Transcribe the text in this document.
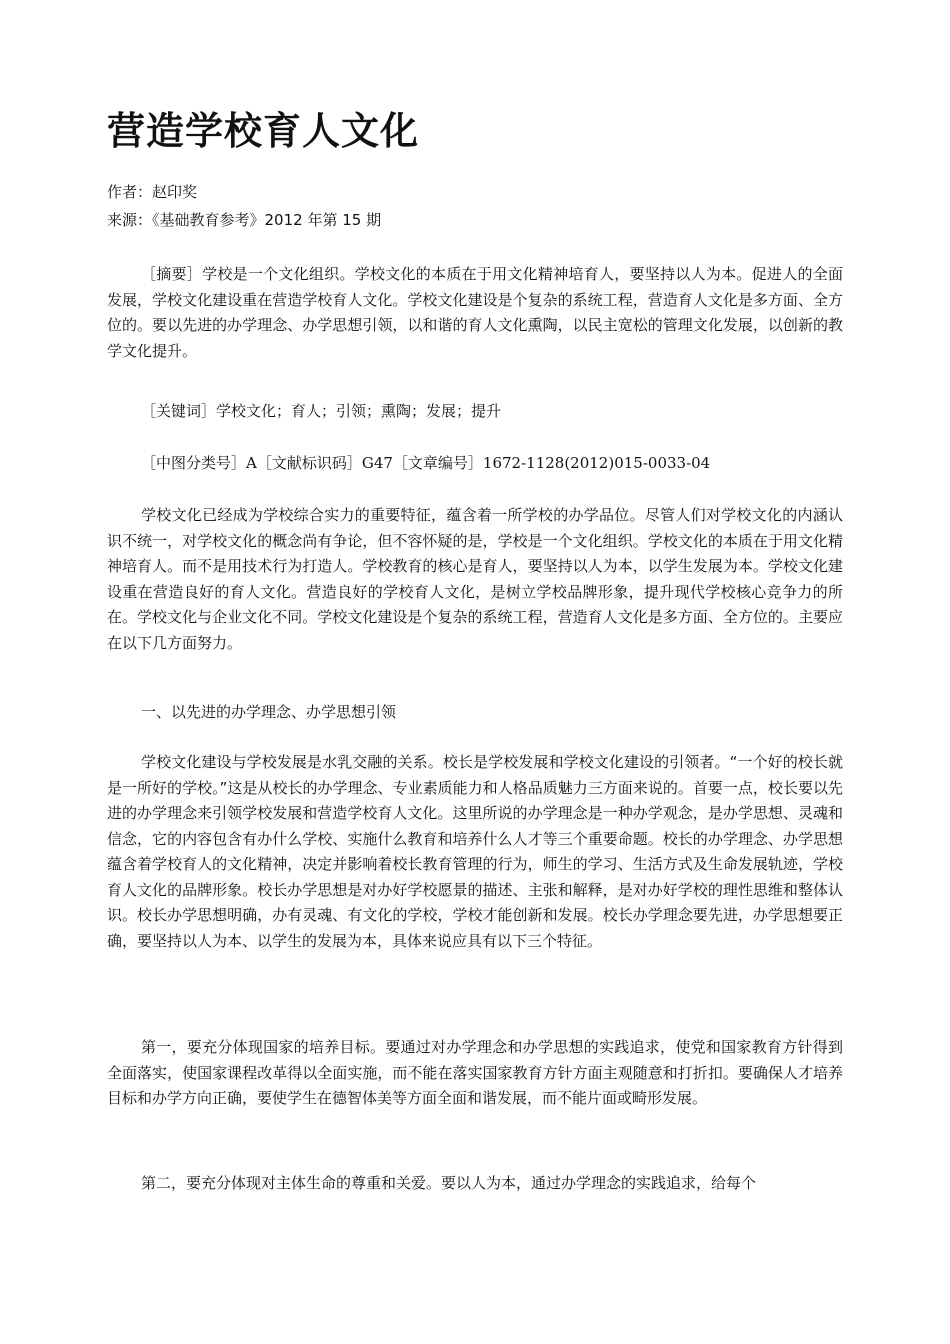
营造学校育人文化
作者：赵印奖
来源：《基础教育参考》2012 年第 15 期

［摘要］学校是一个文化组织。学校文化的本质在于用文化精神培育人，要坚持以人为本。促进人的全面发展，学校文化建设重在营造学校育人文化。学校文化建设是个复杂的系统工程，营造育人文化是多方面、全方位的。要以先进的办学理念、办学思想引领，以和谐的育人文化熏陶，以民主宽松的管理文化发展，以创新的教学文化提升。

［关键词］学校文化；育人；引领；熏陶；发展；提升

［中图分类号］A［文献标识码］G47［文章编号］1672-1128(2012)015-0033-04

学校文化已经成为学校综合实力的重要特征，蕴含着一所学校的办学品位。尽管人们对学校文化的内涵认识不统一，对学校文化的概念尚有争论，但不容怀疑的是，学校是一个文化组织。学校文化的本质在于用文化精神培育人。而不是用技术行为打造人。学校教育的核心是育人，要坚持以人为本，以学生发展为本。学校文化建设重在营造良好的育人文化。营造良好的学校育人文化，是树立学校品牌形象，提升现代学校核心竞争力的所在。学校文化与企业文化不同。学校文化建设是个复杂的系统工程，营造育人文化是多方面、全方位的。主要应在以下几方面努力。

一、以先进的办学理念、办学思想引领

学校文化建设与学校发展是水乳交融的关系。校长是学校发展和学校文化建设的引领者。“一个好的校长就是一所好的学校。”这是从校长的办学理念、专业素质能力和人格品质魅力三方面来说的。首要一点，校长要以先进的办学理念来引领学校发展和营造学校育人文化。这里所说的办学理念是一种办学观念，是办学思想、灵魂和信念，它的内容包含有办什么学校、实施什么教育和培养什么人才等三个重要命题。校长的办学理念、办学思想蕴含着学校育人的文化精神，决定并影响着校长教育管理的行为，师生的学习、生活方式及生命发展轨迹，学校育人文化的品牌形象。校长办学思想是对办好学校愿景的描述、主张和解释，是对办好学校的理性思维和整体认识。校长办学思想明确，办有灵魂、有文化的学校，学校才能创新和发展。校长办学理念要先进，办学思想要正确，要坚持以人为本、以学生的发展为本，具体来说应具有以下三个特征。

第一，要充分体现国家的培养目标。要通过对办学理念和办学思想的实践追求，使党和国家教育方针得到全面落实，使国家课程改革得以全面实施，而不能在落实国家教育方针方面主观随意和打折扣。要确保人才培养目标和办学方向正确，要使学生在德智体美等方面全面和谐发展，而不能片面或畸形发展。

第二，要充分体现对主体生命的尊重和关爱。要以人为本，通过办学理念的实践追求，给每个
